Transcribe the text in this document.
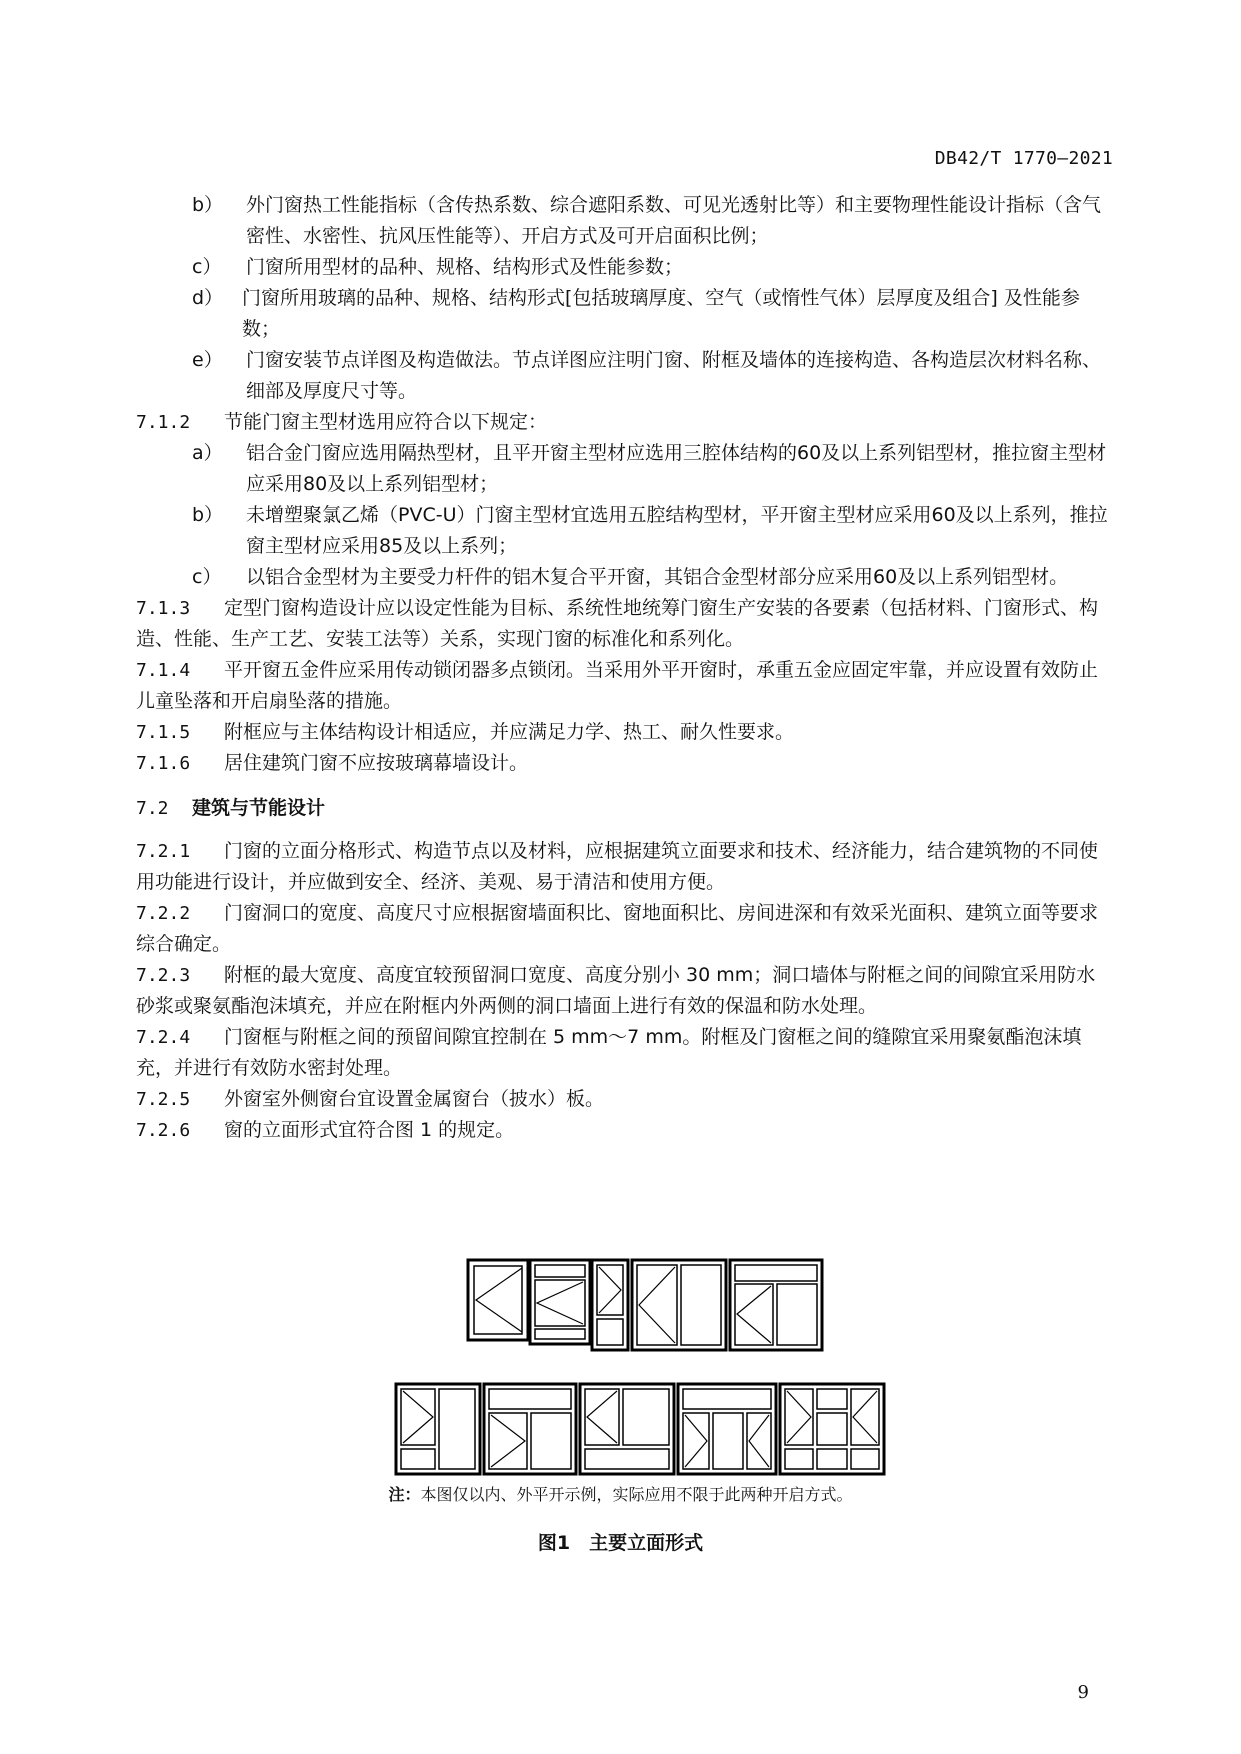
DB42/T 1770—2021
b） 外门窗热工性能指标（含传热系数、综合遮阳系数、可见光透射比等）和主要物理性能设计指标（含气密性、水密性、抗风压性能等）、开启方式及可开启面积比例；
c） 门窗所用型材的品种、规格、结构形式及性能参数；
d） 门窗所用玻璃的品种、规格、结构形式[包括玻璃厚度、空气（或惰性气体）层厚度及组合] 及性能参数；
e） 门窗安装节点详图及构造做法。节点详图应注明门窗、附框及墙体的连接构造、各构造层次材料名称、细部及厚度尺寸等。
7.1.2 节能门窗主型材选用应符合以下规定：
a） 铝合金门窗应选用隔热型材，且平开窗主型材应选用三腔体结构的60及以上系列铝型材，推拉窗主型材应采用80及以上系列铝型材；
b） 未增塑聚氯乙烯（PVC-U）门窗主型材宜选用五腔结构型材，平开窗主型材应采用60及以上系列，推拉窗主型材应采用85及以上系列；
c） 以铝合金型材为主要受力杆件的铝木复合平开窗，其铝合金型材部分应采用60及以上系列铝型材。
7.1.3 定型门窗构造设计应以设定性能为目标、系统性地统筹门窗生产安装的各要素（包括材料、门窗形式、构造、性能、生产工艺、安装工法等）关系，实现门窗的标准化和系列化。
7.1.4 平开窗五金件应采用传动锁闭器多点锁闭。当采用外平开窗时，承重五金应固定牢靠，并应设置有效防止儿童坠落和开启扇坠落的措施。
7.1.5 附框应与主体结构设计相适应，并应满足力学、热工、耐久性要求。
7.1.6 居住建筑门窗不应按玻璃幕墙设计。
7.2 建筑与节能设计
7.2.1 门窗的立面分格形式、构造节点以及材料，应根据建筑立面要求和技术、经济能力，结合建筑物的不同使用功能进行设计，并应做到安全、经济、美观、易于清洁和使用方便。
7.2.2 门窗洞口的宽度、高度尺寸应根据窗墙面积比、窗地面积比、房间进深和有效采光面积、建筑立面等要求综合确定。
7.2.3 附框的最大宽度、高度宜较预留洞口宽度、高度分别小 30 mm；洞口墙体与附框之间的间隙宜采用防水砂浆或聚氨酯泡沫填充，并应在附框内外两侧的洞口墙面上进行有效的保温和防水处理。
7.2.4 门窗框与附框之间的预留间隙宜控制在 5 mm～7 mm。附框及门窗框之间的缝隙宜采用聚氨酯泡沫填充，并进行有效防水密封处理。
7.2.5 外窗室外侧窗台宜设置金属窗台（披水）板。
7.2.6 窗的立面形式宜符合图 1 的规定。
注：本图仅以内、外平开示例，实际应用不限于此两种开启方式。
图1　主要立面形式
9
